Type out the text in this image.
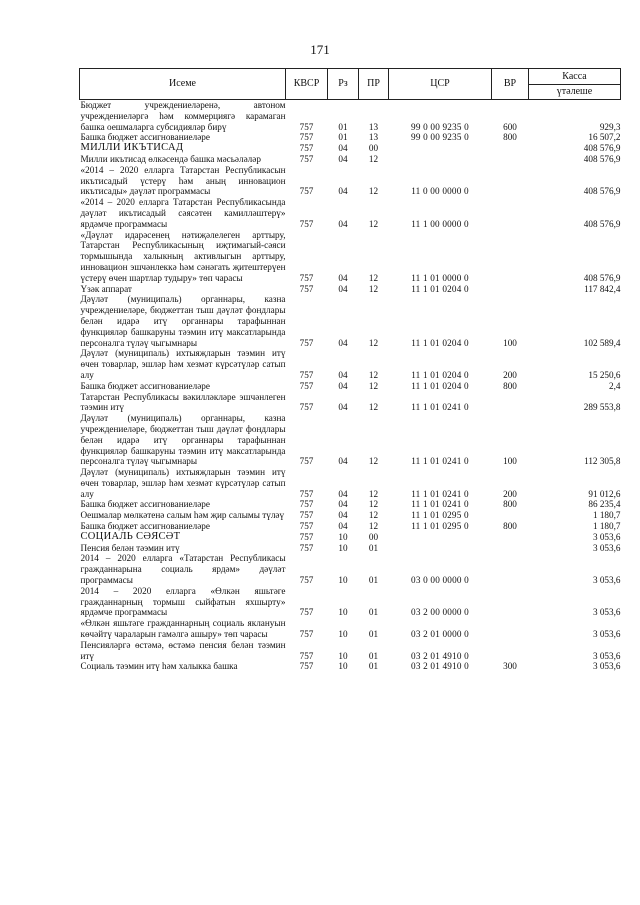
171
Исеме	КВСР	Рз	ПР	ЦСР	ВР	Касса
үтәлеше

Бюджет учреждениеләренә, автоном учреждениеләргә һәм коммерциягә карамаган башка оешмаларга субсидияләр бирү	757	01	13	99 0 00 9235 0	600	929,3
Башка бюджет ассигнованиеләре	757	01	13	99 0 00 9235 0	800	16 507,2
МИЛЛИ ИКЪТИСАД	757	04	00			408 576,9
Милли икътисад өлкәсендә башка мәсьәләләр	757	04	12			408 576,9
«2014 – 2020 елларга Татарстан Республикасын икътисадый үстерү һәм аның инновацион икътисады» дәүләт программасы	757	04	12	11 0 00 0000 0		408 576,9
«2014 – 2020 елларга Татарстан Республикасында дәүләт икътисадый сәясәтен камилләштерү» ярдәмче программасы	757	04	12	11 1 00 0000 0		408 576,9
«Дәүләт идарәсенең нәтиҗәлелеген арттыру, Татарстан Республикасының иҗтимагый-сәяси тормышында халыкның активлыгын арттыру, инновацион эшчәнлеккә һәм сәнәгать җитештерүен үстерү өчен шартлар тудыру» төп чарасы	757	04	12	11 1 01 0000 0		408 576,9
Үзәк аппарат	757	04	12	11 1 01 0204 0		117 842,4
Дәүләт (муниципаль) органнары, казна учреждениеләре, бюджеттан тыш дәүләт фондлары белән идарә итү органнары тарафыннан функцияләр башкаруны тәэмин итү максатларында персоналга түләү чыгымнары	757	04	12	11 1 01 0204 0	100	102 589,4
Дәүләт (муниципаль) ихтыяҗларын тәэмин итү өчен товарлар, эшләр һәм хезмәт күрсәтүләр сатып алу	757	04	12	11 1 01 0204 0	200	15 250,6
Башка бюджет ассигнованиеләре	757	04	12	11 1 01 0204 0	800	2,4
Татарстан Республикасы вәкилләкләре эшчәнлеген тәэмин итү	757	04	12	11 1 01 0241 0		289 553,8
Дәүләт (муниципаль) органнары, казна учреждениеләре, бюджеттан тыш дәүләт фондлары белән идарә итү органнары тарафыннан функцияләр башкаруны тәэмин итү максатларында персоналга түләү чыгымнары	757	04	12	11 1 01 0241 0	100	112 305,8
Дәүләт (муниципаль) ихтыяҗларын тәэмин итү өчен товарлар, эшләр һәм хезмәт күрсәтүләр сатып алу	757	04	12	11 1 01 0241 0	200	91 012,6
Башка бюджет ассигнованиеләре	757	04	12	11 1 01 0241 0	800	86 235,4
Оешмалар мөлкәтенә салым һәм җир салымы түләү	757	04	12	11 1 01 0295 0		1 180,7
Башка бюджет ассигнованиеләре	757	04	12	11 1 01 0295 0	800	1 180,7
СОЦИАЛЬ СӘЯСӘТ	757	10	00			3 053,6
Пенсия белән тәэмин итү	757	10	01			3 053,6
2014 – 2020 елларга «Татарстан Республикасы гражданнарына социаль ярдәм» дәүләт программасы	757	10	01	03 0 00 0000 0		3 053,6
2014 – 2020 елларга «Өлкән яшьтәге гражданнарның тормыш сыйфатын яхшырту» ярдәмче программасы	757	10	01	03 2 00 0000 0		3 053,6
«Өлкән яшьтәге гражданнарның социаль яклануын көчәйтү чараларын гамәлгә ашыру» төп чарасы	757	10	01	03 2 01 0000 0		3 053,6
Пенсияләргә өстәмә, өстәмә пенсия белән тәэмин итү	757	10	01	03 2 01 4910 0		3 053,6
Социаль тәэмин итү һәм халыкка башка	757	10	01	03 2 01 4910 0	300	3 053,6
